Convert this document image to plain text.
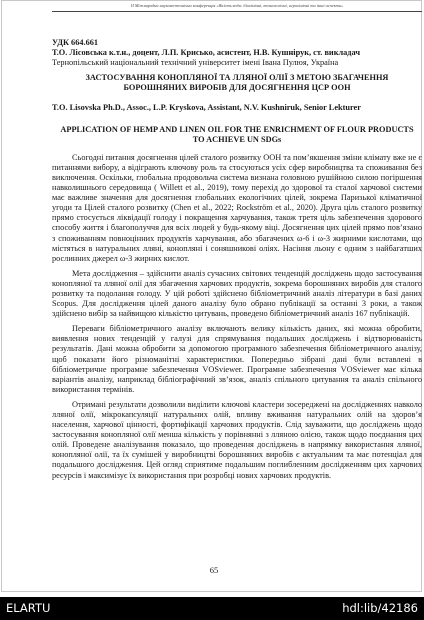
ІІ Міжнародна наукова-технічна конференція «Якість води: біохімічні, технологічні, агрохімічні та інші аспекти»
УДК 664.661
Т.О. Лісовська к.т.н., доцент, Л.П. Крисько, асистент, Н.В. Кушнірук, ст. викладач
Тернопільський національний технічний університет імені Івана Пулюя, Україна
ЗАСТОСУВАННЯ КОНОПЛЯНОЇ ТА ЛЛЯНОЇ ОЛІЇ З МЕТОЮ ЗБАГАЧЕННЯ БОРОШНЯНИХ ВИРОБІВ ДЛЯ ДОСЯГНЕННЯ ЦСР ООН
T.O. Lisovska Ph.D., Assoc., L.P. Kryskova, Assistant, N.V. Kushniruk, Senior Lekturer
APPLICATION OF HEMP AND LINEN OIL FOR THE ENRICHMENT OF FLOUR PRODUCTS TO ACHIEVE UN SDGs

Сьогодні питання досягнення цілей сталого розвитку ООН та пом’якшення зміни клімату вже не є питаннями вибору, а відіграють ключову роль та стосуються усіх сфер виробництва та споживання без виключення. Оскільки, глобальна продовольча система визнана головною рушійною силою погіршення навколишнього середовища ( Willett et al., 2019), тому перехід до здорової та сталої харчової системи має важливе значення для досягнення глобальних екологічних цілей, зокрема Паризької кліматичної угоди та Цілей сталого розвитку (Chen et al., 2022; Rockström et al., 2020). Друга ціль сталого розвитку прямо стосується ліквідації голоду і покращення харчування, також третя ціль забезпечення здорового способу життя і благополуччя для всіх людей у будь-якому віці. Досягнення цих цілей прямо пов’язано з споживанням повноцінних продуктів харчування, або збагачених ω-6 і ω-3 жирними кислотами, що містяться в натуральних лляні, конопляні і соняшникові оліях. Насіння льону є одним з найбагатших рослинних джерел ω-3 жирних кислот.

Мета дослідження – здійснити аналіз сучасних світових тенденцій досліджень щодо застосування конопляної та лляної олії для збагачення харчових продуктів, зокрема борошняних виробів для сталого розвитку та подолання голоду. У цій роботі здійснено бібліометричний аналіз літератури в базі даних Scopus. Для дослідження цілей даного аналізу було обрано публікації за останні 3 роки, а також здійснено вибір за найвищою кількістю цитувань, проведено бібліометричний аналіз 167 публікацій.

Переваги бібліометричного аналізу включають велику кількість даних, які можна обробити, виявлення нових тенденцій у галузі для спрямування подальших досліджень і відтворюваність результатів. Дані можна обробити за допомогою програмного забезпечення бібліометричного аналізу, щоб показати його різноманітні характеристики. Попередньо зібрані дані були вставлені в бібліометричне програмне забезпечення VOSviewer. Програмне забезпечення VOSviewer має кілька варіантів аналізу, наприклад бібліографічний зв’язок, аналіз спільного цитування та аналіз спільного використання термінів.

Отримані результати дозволили виділити ключові кластери зосереджені на дослідженнях навколо лляної олії, мікрокапсуляції натуральних олій, впливу вживання натуральних олій на здоров’я населення, харчової цінності, фортифікації харчових продуктів. Слід зауважити, що досліджень щодо застосування конопляної олії менша кількість у порівнянні з лляною олією, також щодо поєднання цих олій. Проведене аналізування показало, що проведення досліджень в напрямку використання лляної, конопляної олії, та їх сумішей у виробництві борошняних виробів є актуальним та має потенціал для подальшого дослідження. Цей огляд сприятиме подальшим поглибленним дослідженням цих харчових ресурсів і максимізує їх використання при розробці нових харчових продуктів.

65
ELARTU	hdl:lib/42186
